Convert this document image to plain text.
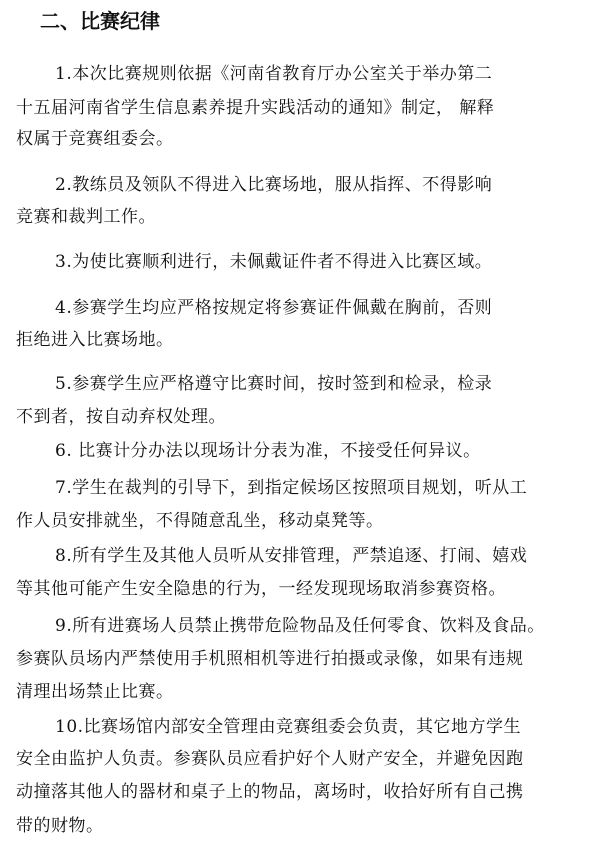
二、比赛纪律
1.本次比赛规则依据《河南省教育厅办公室关于举办第二
十五届河南省学生信息素养提升实践活动的通知》制定， 解释
权属于竞赛组委会。
2.教练员及领队不得进入比赛场地，服从指挥、不得影响
竞赛和裁判工作。
3.为使比赛顺利进行，未佩戴证件者不得进入比赛区域。
4.参赛学生均应严格按规定将参赛证件佩戴在胸前，否则
拒绝进入比赛场地。
5.参赛学生应严格遵守比赛时间，按时签到和检录，检录
不到者，按自动弃权处理。
6. 比赛计分办法以现场计分表为准，不接受任何异议。
7.学生在裁判的引导下，到指定候场区按照项目规划，听从工
作人员安排就坐，不得随意乱坐，移动桌凳等。
8.所有学生及其他人员听从安排管理，严禁追逐、打闹、嬉戏
等其他可能产生安全隐患的行为，一经发现现场取消参赛资格。
9.所有进赛场人员禁止携带危险物品及任何零食、饮料及食品。
参赛队员场内严禁使用手机照相机等进行拍摄或录像，如果有违规
清理出场禁止比赛。
10.比赛场馆内部安全管理由竞赛组委会负责，其它地方学生
安全由监护人负责。参赛队员应看护好个人财产安全，并避免因跑
动撞落其他人的器材和桌子上的物品，离场时，收拾好所有自己携
带的财物。
